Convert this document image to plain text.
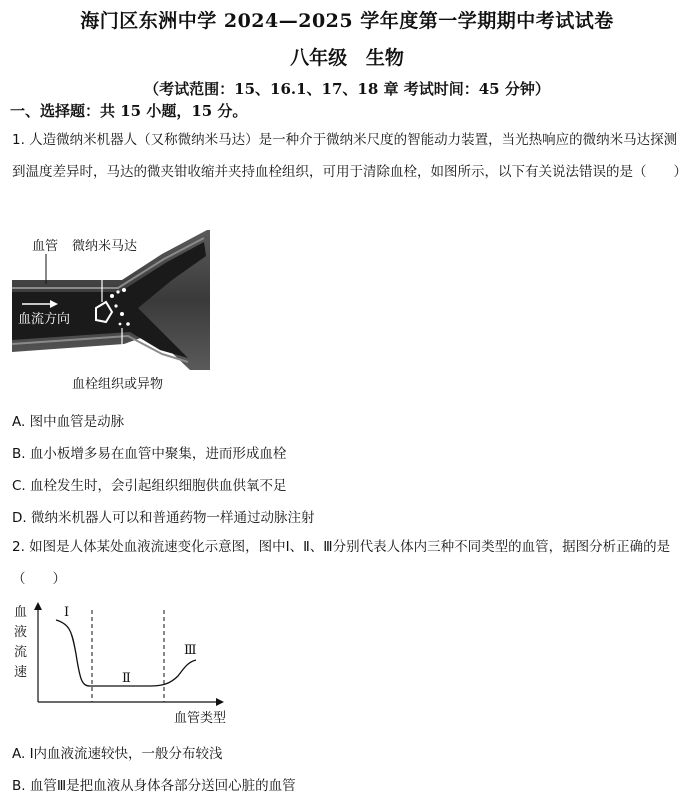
海门区东洲中学 2024—2025 学年度第一学期期中考试试卷
八年级 生物
（考试范围：15、16.1、17、18 章 考试时间：45 分钟）
一、选择题：共 15 小题，15 分。
1. 人造微纳米机器人（又称微纳米马达）是一种介于微纳米尺度的智能动力装置，当光热响应的微纳米马达探测到温度差异时，马达的微夹钳收缩并夹持血栓组织，可用于清除血栓，如图所示，以下有关说法错误的是（　　）
血管 微纳米马达
血流方向
血栓组织或异物
A. 图中血管是动脉
B. 血小板增多易在血管中聚集，进而形成血栓
C. 血栓发生时，会引起组织细胞供血供氧不足
D. 微纳米机器人可以和普通药物一样通过动脉注射
2. 如图是人体某处血液流速变化示意图，图中Ⅰ、Ⅱ、Ⅲ分别代表人体内三种不同类型的血管，据图分析正确的是（　　）
血 液 流 速
Ⅰ
Ⅱ
Ⅲ
血管类型
A. Ⅰ内血液流速较快，一般分布较浅
B. 血管Ⅲ是把血液从身体各部分送回心脏的血管
